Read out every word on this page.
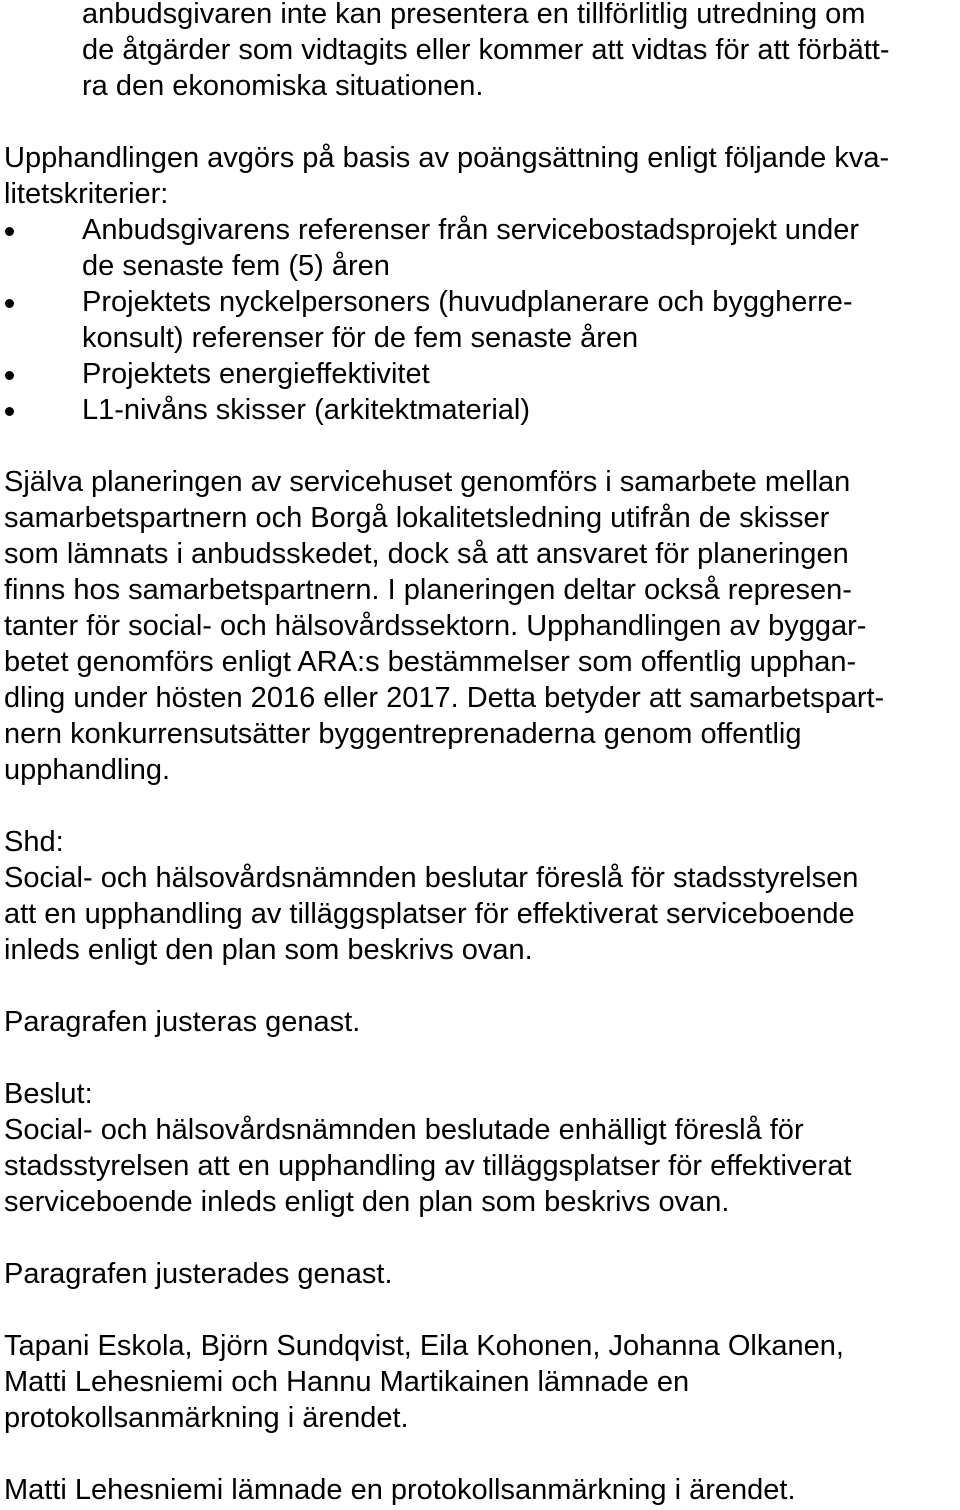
anbudsgivaren inte kan presentera en tillförlitlig utredning om
de åtgärder som vidtagits eller kommer att vidtas för att förbätt-
ra den ekonomiska situationen.
Upphandlingen avgörs på basis av poängsättning enligt följande kva-
litetskriterier:
Anbudsgivarens referenser från servicebostadsprojekt under
de senaste fem (5) åren
Projektets nyckelpersoners (huvudplanerare och byggherre-
konsult) referenser för de fem senaste åren
Projektets energieffektivitet
L1-nivåns skisser (arkitektmaterial)
Själva planeringen av servicehuset genomförs i samarbete mellan
samarbetspartnern och Borgå lokalitetsledning utifrån de skisser
som lämnats i anbudsskedet, dock så att ansvaret för planeringen
finns hos samarbetspartnern. I planeringen deltar också represen-
tanter för social- och hälsovårdssektorn. Upphandlingen av byggar-
betet genomförs enligt ARA:s bestämmelser som offentlig upphan-
dling under hösten 2016 eller 2017. Detta betyder att samarbetspart-
nern konkurrensutsätter byggentreprenaderna genom offentlig
upphandling.
Shd:
Social- och hälsovårdsnämnden beslutar föreslå för stadsstyrelsen
att en upphandling av tilläggsplatser för effektiverat serviceboende
inleds enligt den plan som beskrivs ovan.
Paragrafen justeras genast.
Beslut:
Social- och hälsovårdsnämnden beslutade enhälligt föreslå för
stadsstyrelsen att en upphandling av tilläggsplatser för effektiverat
serviceboende inleds enligt den plan som beskrivs ovan.
Paragrafen justerades genast.
Tapani Eskola, Björn Sundqvist, Eila Kohonen, Johanna Olkanen,
Matti Lehesniemi och Hannu Martikainen lämnade en
protokollsanmärkning i ärendet.
Matti Lehesniemi lämnade en protokollsanmärkning i ärendet.
